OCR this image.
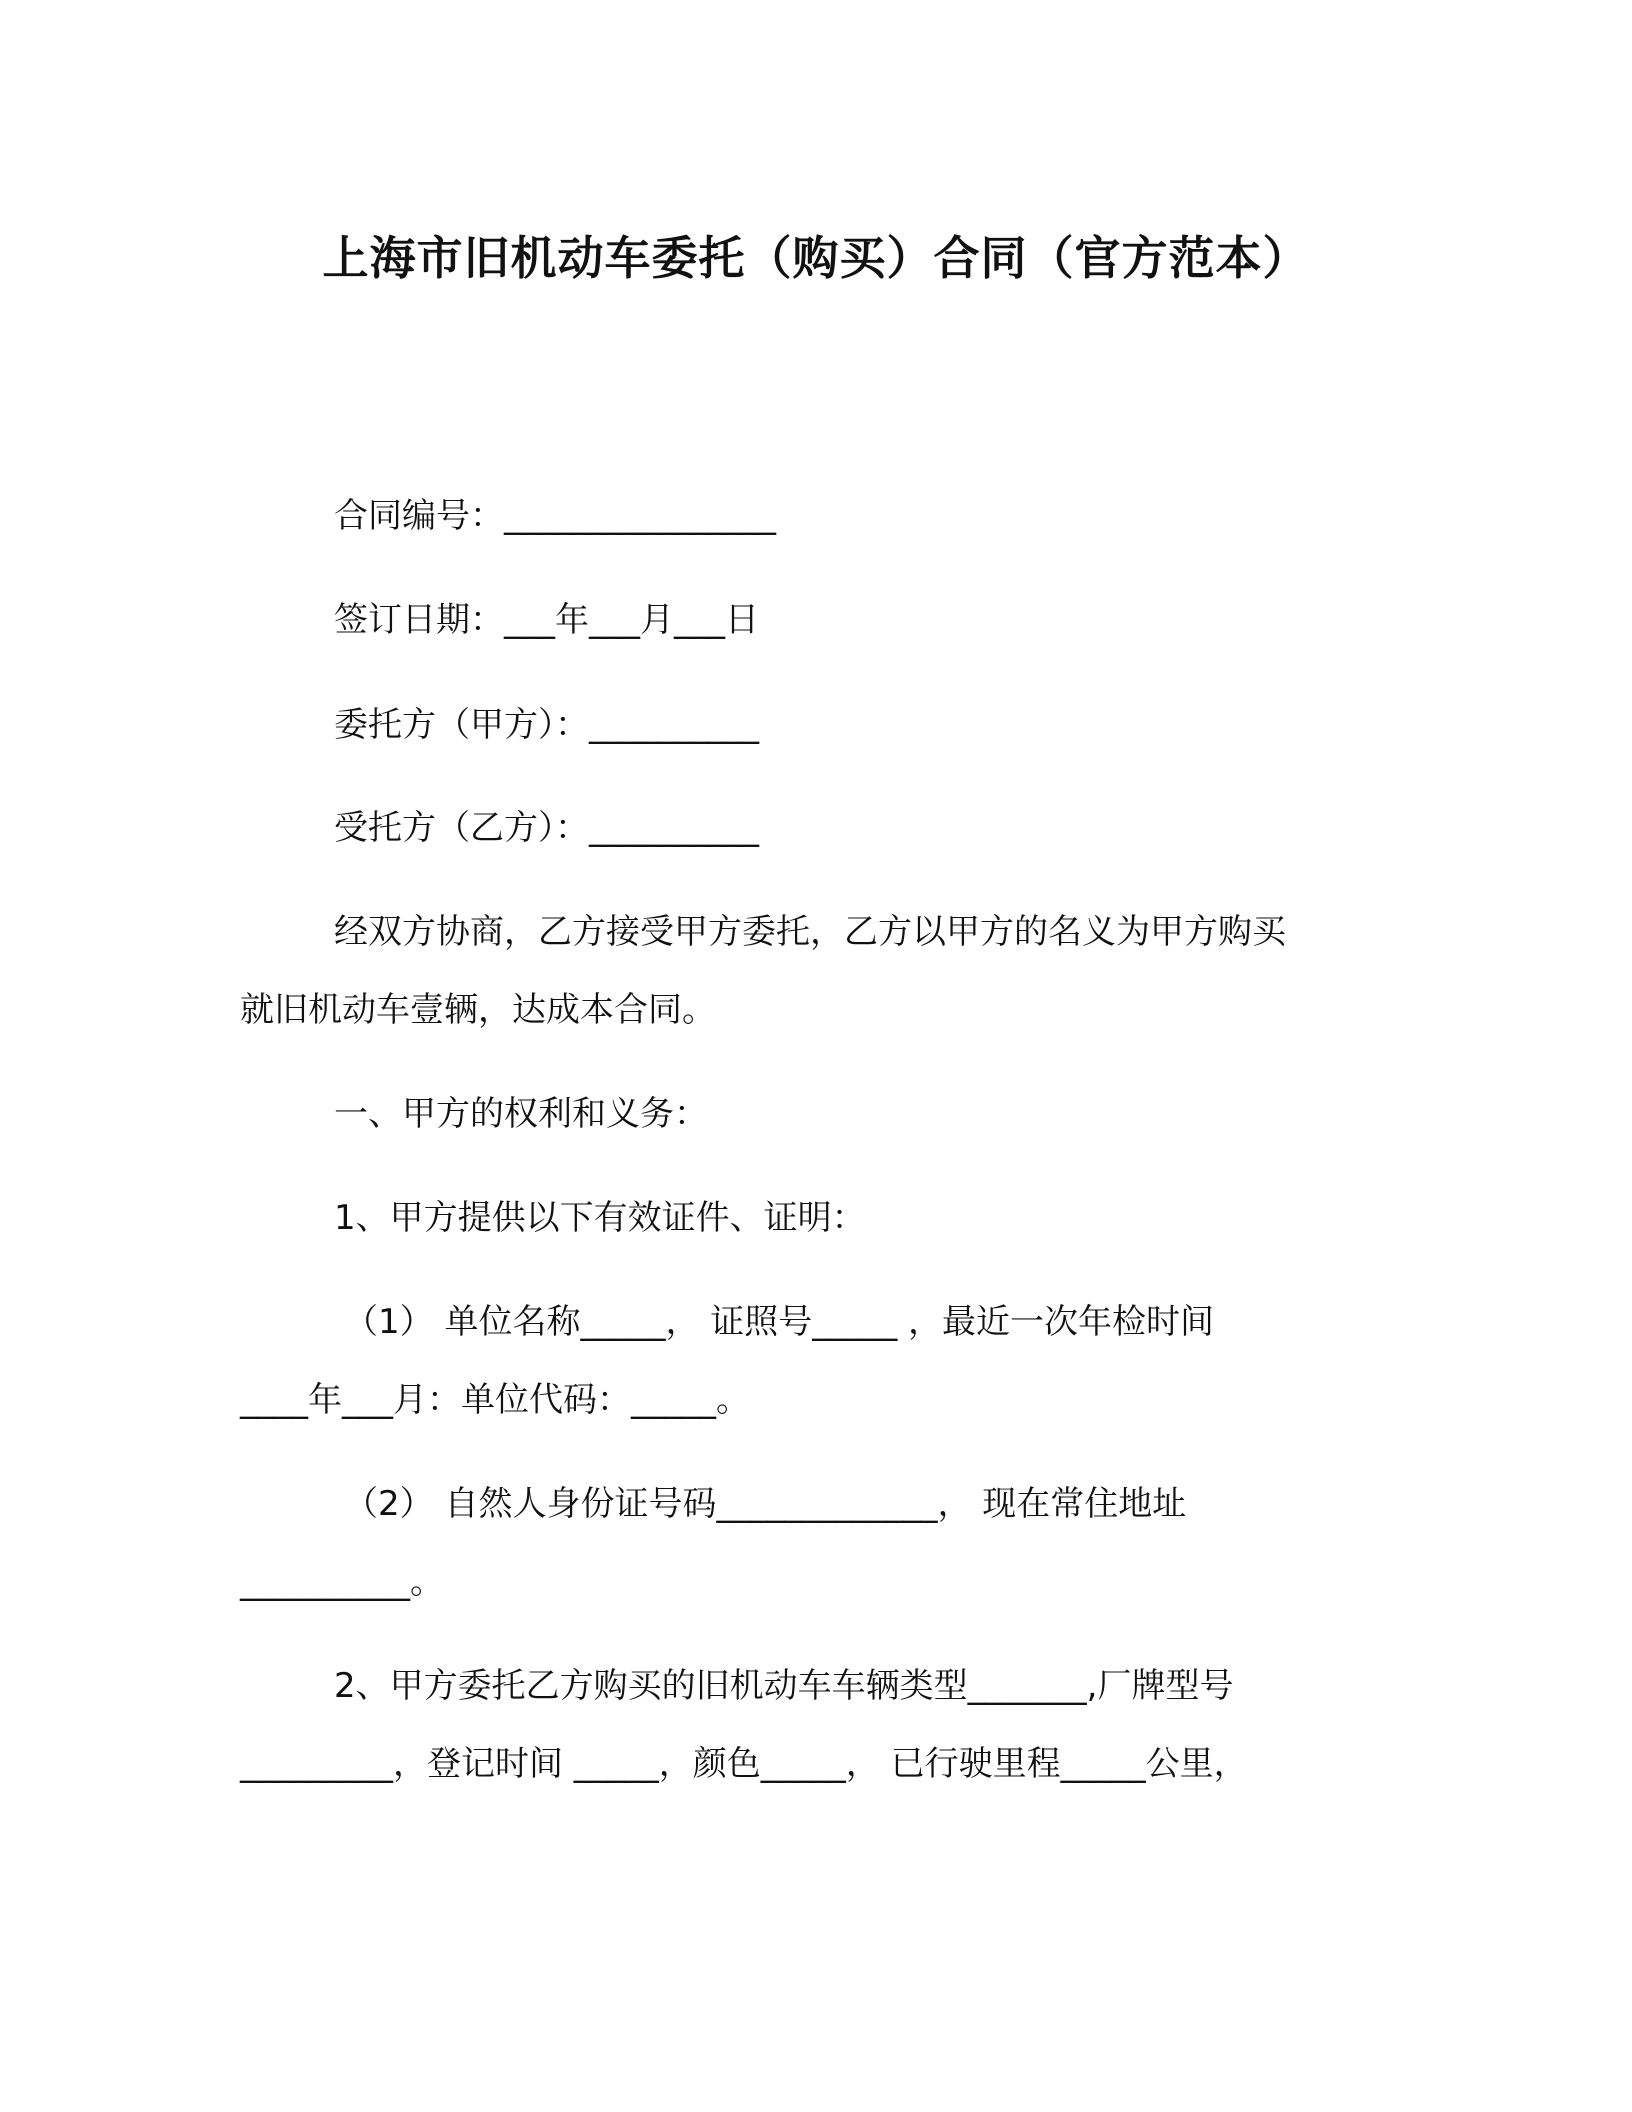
上海市旧机动车委托（购买）合同（官方范本）
合同编号：________________
签订日期：___年___月___日
委托方（甲方）：__________
受托方（乙方）：__________
经双方协商，乙方接受甲方委托，乙方以甲方的名义为甲方购买
就旧机动车壹辆，达成本合同。
一、甲方的权利和义务：
1、甲方提供以下有效证件、证明：
（1） 单位名称_____， 证照号_____ ，最近一次年检时间
____年___月：单位代码：_____。
（2） 自然人身份证号码_____________， 现在常住地址
__________。
2、甲方委托乙方购买的旧机动车车辆类型_______,厂牌型号
_________，登记时间 _____，颜色_____， 已行驶里程_____公里，
